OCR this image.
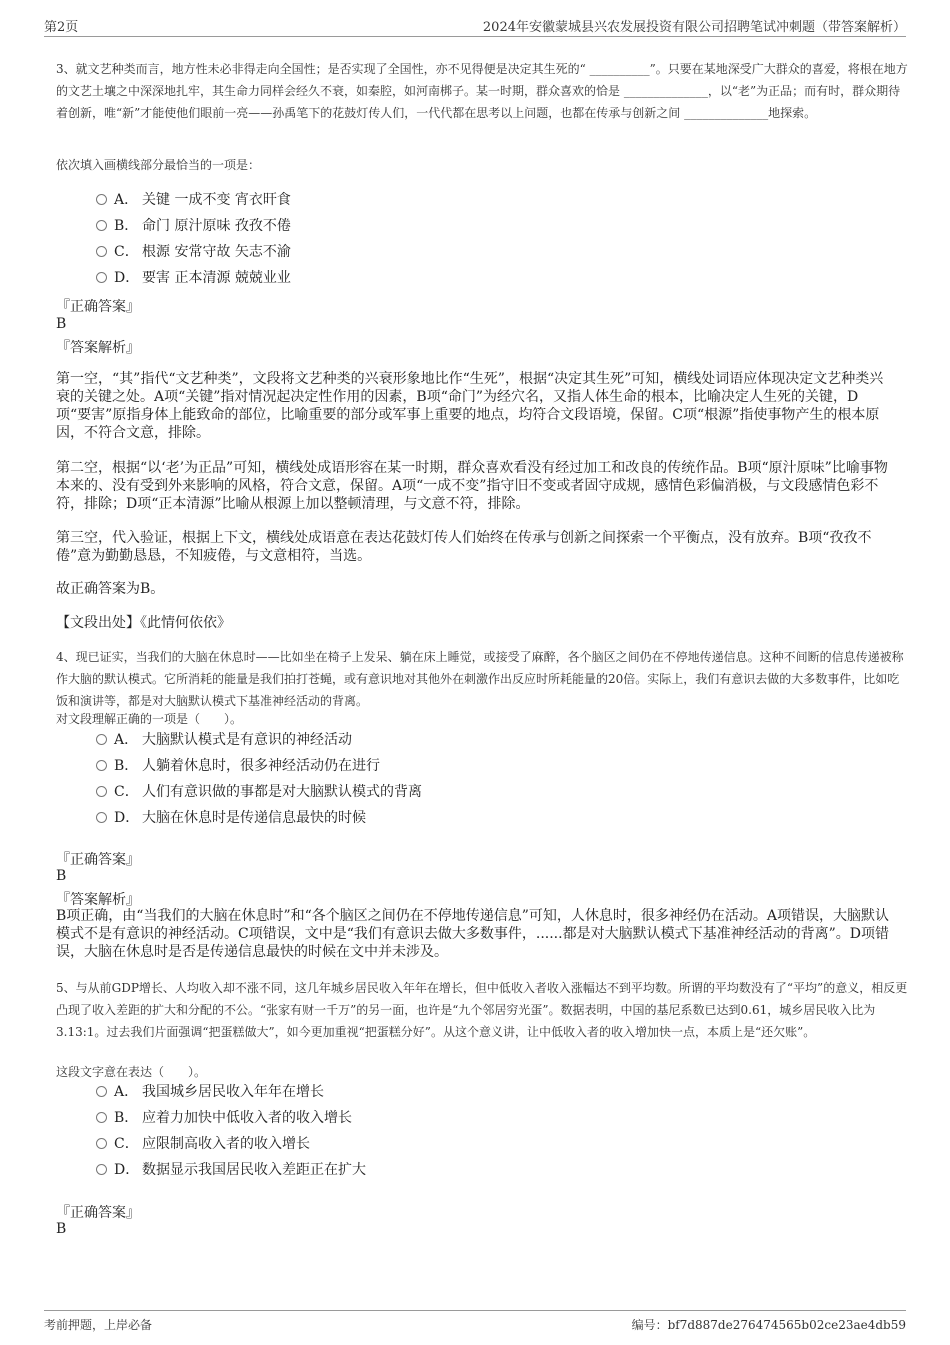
第2页	2024年安徽蒙城县兴农发展投资有限公司招聘笔试冲刺题（带答案解析）
3、就文艺种类而言，地方性未必非得走向全国性；是否实现了全国性，亦不见得便是决定其生死的“ __________”。只要在某地深受广大群众的喜爱，将根在地方的文艺土壤之中深深地扎牢，其生命力同样会经久不衰，如秦腔，如河南梆子。某一时期，群众喜欢的恰是 ______________，以“老”为正品；而有时，群众期待着创新，唯“新”才能使他们眼前一亮——孙禹笔下的花鼓灯传人们，一代代都在思考以上问题，也都在传承与创新之间 ______________地探索。
依次填入画横线部分最恰当的一项是：
A． 关键 一成不变 宵衣旰食
B． 命门 原汁原味 孜孜不倦
C． 根源 安常守故 矢志不渝
D． 要害 正本清源 兢兢业业
『正确答案』
B
『答案解析』
第一空，“其”指代“文艺种类”，文段将文艺种类的兴衰形象地比作“生死”，根据“决定其生死”可知，横线处词语应体现决定文艺种类兴衰的关键之处。A项“关键”指对情况起决定性作用的因素，B项“命门”为经穴名，又指人体生命的根本，比喻决定人生死的关键，D项“要害”原指身体上能致命的部位，比喻重要的部分或军事上重要的地点，均符合文段语境，保留。C项“根源”指使事物产生的根本原因，不符合文意，排除。
第二空，根据“以‘老’为正品”可知，横线处成语形容在某一时期，群众喜欢看没有经过加工和改良的传统作品。B项“原汁原味”比喻事物本来的、没有受到外来影响的风格，符合文意，保留。A项“一成不变”指守旧不变或者固守成规，感情色彩偏消极，与文段感情色彩不符，排除；D项“正本清源”比喻从根源上加以整顿清理，与文意不符，排除。
第三空，代入验证，根据上下文，横线处成语意在表达花鼓灯传人们始终在传承与创新之间探索一个平衡点，没有放弃。B项“孜孜不倦”意为勤勤恳恳，不知疲倦，与文意相符，当选。
故正确答案为B。
【文段出处】《此情何依依》
4、现已证实，当我们的大脑在休息时——比如坐在椅子上发呆、躺在床上睡觉，或接受了麻醉，各个脑区之间仍在不停地传递信息。这种不间断的信息传递被称作大脑的默认模式。它所消耗的能量是我们拍打苍蝇，或有意识地对其他外在刺激作出反应时所耗能量的20倍。实际上，我们有意识去做的大多数事件，比如吃饭和演讲等，都是对大脑默认模式下基准神经活动的背离。
对文段理解正确的一项是（　　）。
A． 大脑默认模式是有意识的神经活动
B． 人躺着休息时，很多神经活动仍在进行
C． 人们有意识做的事都是对大脑默认模式的背离
D． 大脑在休息时是传递信息最快的时候
『正确答案』
B
『答案解析』
B项正确，由“当我们的大脑在休息时”和“各个脑区之间仍在不停地传递信息”可知，人休息时，很多神经仍在活动。A项错误，大脑默认模式不是有意识的神经活动。C项错误，文中是“我们有意识去做大多数事件，......都是对大脑默认模式下基准神经活动的背离”。D项错误，大脑在休息时是否是传递信息最快的时候在文中并未涉及。
5、与从前GDP增长、人均收入却不涨不同，这几年城乡居民收入年年在增长，但中低收入者收入涨幅达不到平均数。所谓的平均数没有了“平均”的意义，相反更凸现了收入差距的扩大和分配的不公。“张家有财一千万”的另一面，也许是“九个邻居穷光蛋”。数据表明，中国的基尼系数已达到0.61，城乡居民收入比为3.13:1。过去我们片面强调“把蛋糕做大”，如今更加重视“把蛋糕分好”。从这个意义讲，让中低收入者的收入增加快一点，本质上是“还欠账”。
这段文字意在表达（　　）。
A． 我国城乡居民收入年年在增长
B． 应着力加快中低收入者的收入增长
C． 应限制高收入者的收入增长
D． 数据显示我国居民收入差距正在扩大
『正确答案』
B
考前押题，上岸必备	编号：bf7d887de276474565b02ce23ae4db59
